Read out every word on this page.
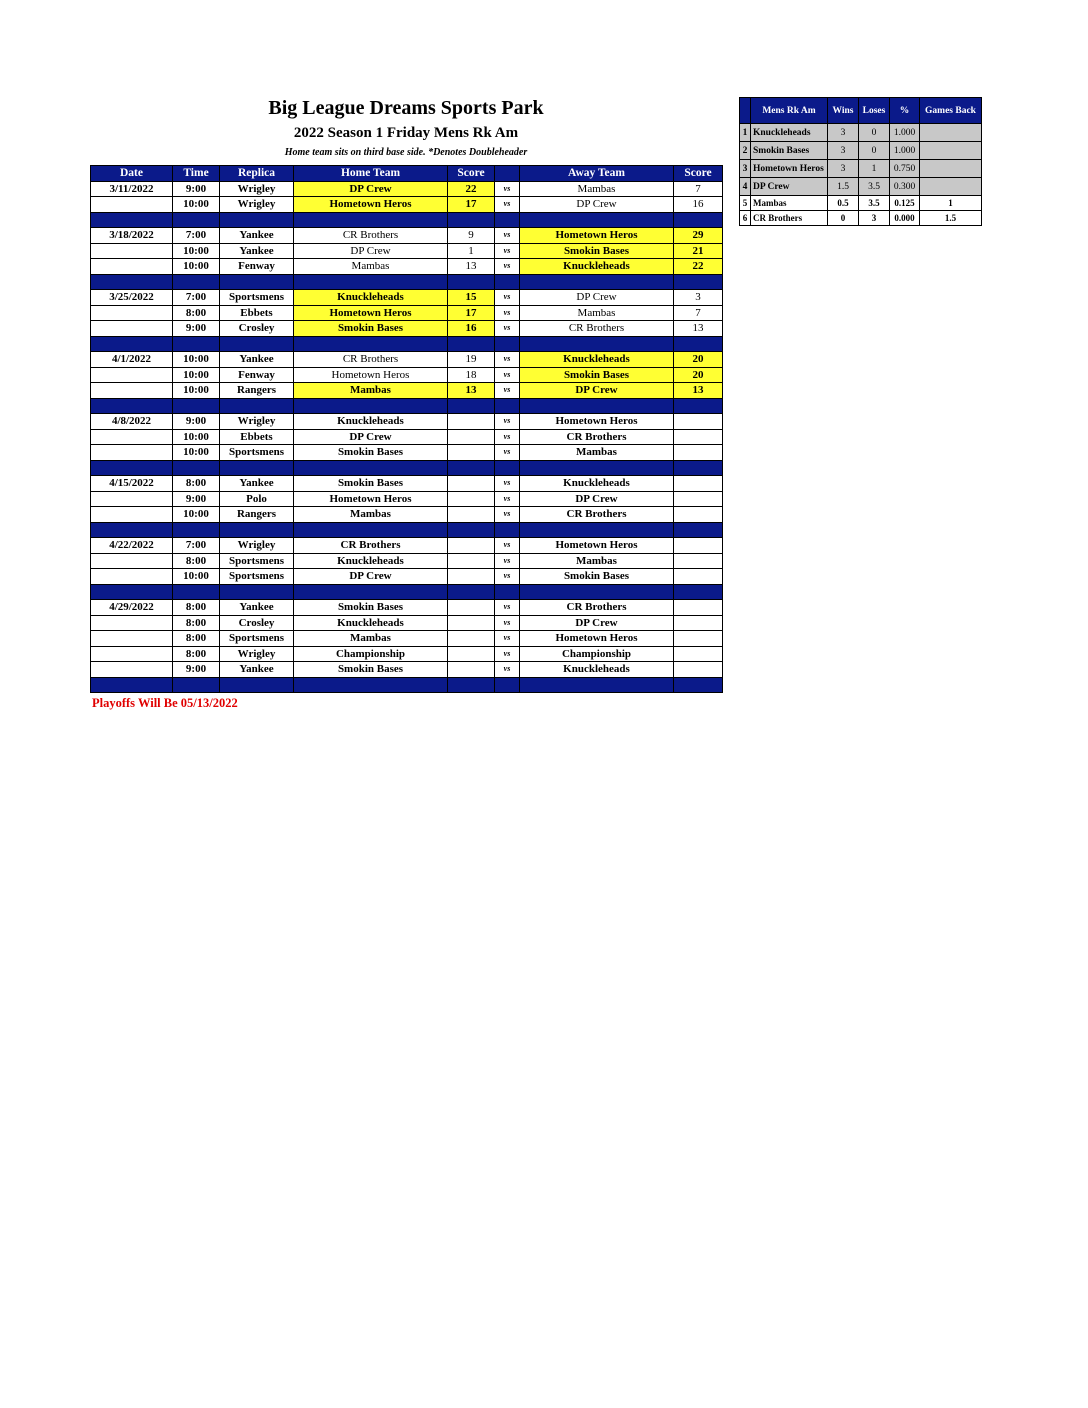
Big League Dreams Sports Park
2022 Season 1 Friday Mens Rk Am

Home team sits on third base side. *Denotes Doubleheader

Date	Time	Replica	Home Team	Score		Away Team	Score
3/11/2022	9:00	Wrigley	DP Crew	22	vs	Mambas	7
	10:00	Wrigley	Hometown Heros	17	vs	DP Crew	16

3/18/2022	7:00	Yankee	CR Brothers	9	vs	Hometown Heros	29
	10:00	Yankee	DP Crew	1	vs	Smokin Bases	21
	10:00	Fenway	Mambas	13	vs	Knuckleheads	22

3/25/2022	7:00	Sportsmens	Knuckleheads	15	vs	DP Crew	3
	8:00	Ebbets	Hometown Heros	17	vs	Mambas	7
	9:00	Crosley	Smokin Bases	16	vs	CR Brothers	13

4/1/2022	10:00	Yankee	CR Brothers	19	vs	Knuckleheads	20
	10:00	Fenway	Hometown Heros	18	vs	Smokin Bases	20
	10:00	Rangers	Mambas	13	vs	DP Crew	13

4/8/2022	9:00	Wrigley	Knuckleheads		vs	Hometown Heros	
	10:00	Ebbets	DP Crew		vs	CR Brothers	
	10:00	Sportsmens	Smokin Bases		vs	Mambas	

4/15/2022	8:00	Yankee	Smokin Bases		vs	Knuckleheads	
	9:00	Polo	Hometown Heros		vs	DP Crew	
	10:00	Rangers	Mambas		vs	CR Brothers	

4/22/2022	7:00	Wrigley	CR Brothers		vs	Hometown Heros	
	8:00	Sportsmens	Knuckleheads		vs	Mambas	
	10:00	Sportsmens	DP Crew		vs	Smokin Bases	

4/29/2022	8:00	Yankee	Smokin Bases		vs	CR Brothers	
	8:00	Crosley	Knuckleheads		vs	DP Crew	
	8:00	Sportsmens	Mambas		vs	Hometown Heros	
	8:00	Wrigley	Championship		vs	Championship	
	9:00	Yankee	Smokin Bases		vs	Knuckleheads	

	Mens Rk Am	Wins	Loses	%	Games Back
1	Knuckleheads	3	0	1.000	
2	Smokin Bases	3	0	1.000	
3	Hometown Heros	3	1	0.750	
4	DP Crew	1.5	3.5	0.300	
5	Mambas	0.5	3.5	0.125	1
6	CR Brothers	0	3	0.000	1.5

Playoffs Will Be 05/13/2022
